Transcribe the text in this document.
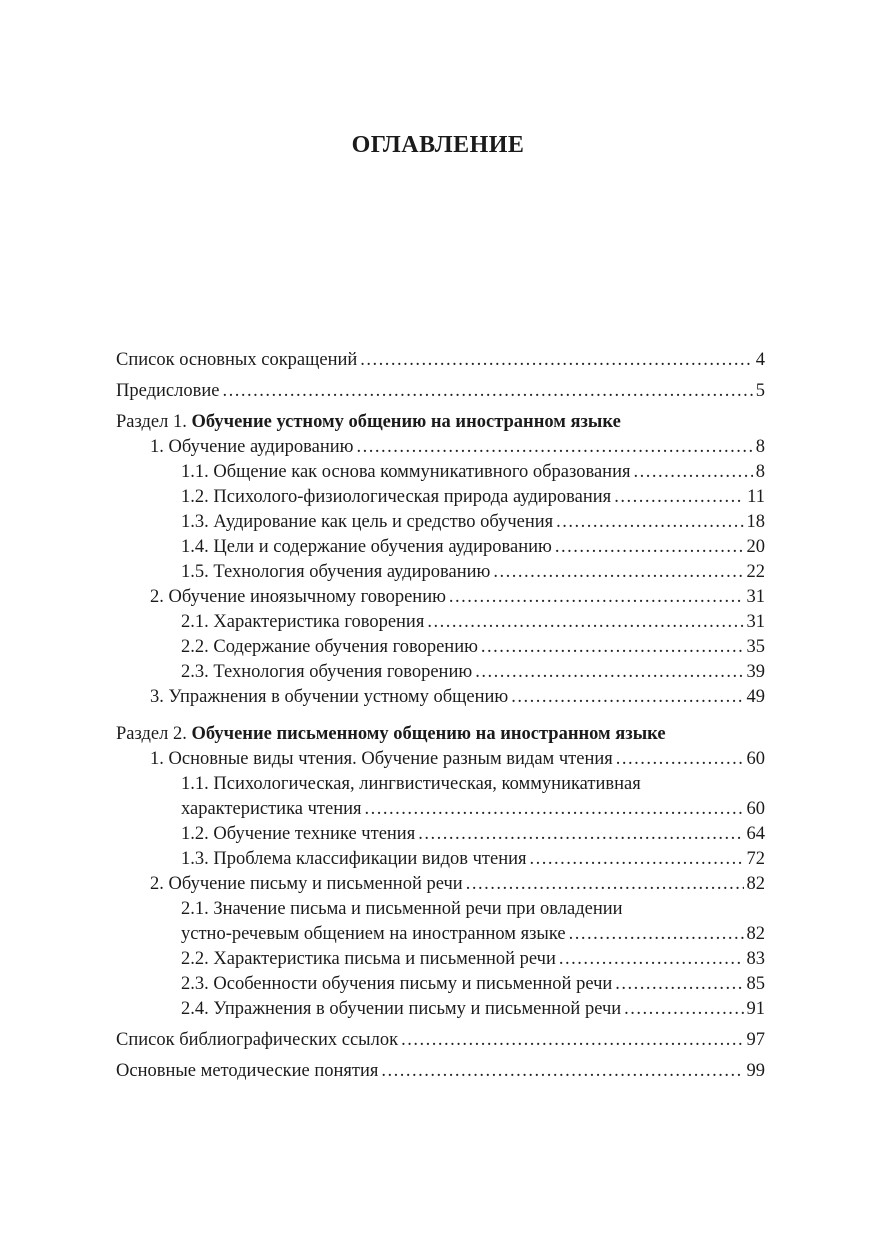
ОГЛАВЛЕНИЕ
Список основных сокращений .....	4
Предисловие .....	5
Раздел 1. Обучение устному общению на иностранном языке
1. Обучение аудированию .....	8
1.1. Общение как основа коммуникативного образования .....	8
1.2. Психолого-физиологическая природа аудирования .....	11
1.3. Аудирование как цель и средство обучения .....	18
1.4. Цели и содержание обучения аудированию .....	20
1.5. Технология обучения аудированию .....	22
2. Обучение иноязычному говорению .....	31
2.1. Характеристика говорения .....	31
2.2. Содержание обучения говорению .....	35
2.3. Технология обучения говорению .....	39
3. Упражнения в обучении устному общению .....	49
Раздел 2. Обучение письменному общению на иностранном языке
1. Основные виды чтения. Обучение разным видам чтения .....	60
1.1. Психологическая, лингвистическая, коммуникативная
характеристика чтения .....	60
1.2. Обучение технике чтения .....	64
1.3. Проблема классификации видов чтения .....	72
2. Обучение письму и письменной речи .....	82
2.1. Значение письма и письменной речи при овладении
устно-речевым общением на иностранном языке .....	82
2.2. Характеристика письма и письменной речи .....	83
2.3. Особенности обучения письму и письменной речи .....	85
2.4. Упражнения в обучении письму и письменной речи .....	91
Список библиографических ссылок .....	97
Основные методические понятия .....	99
